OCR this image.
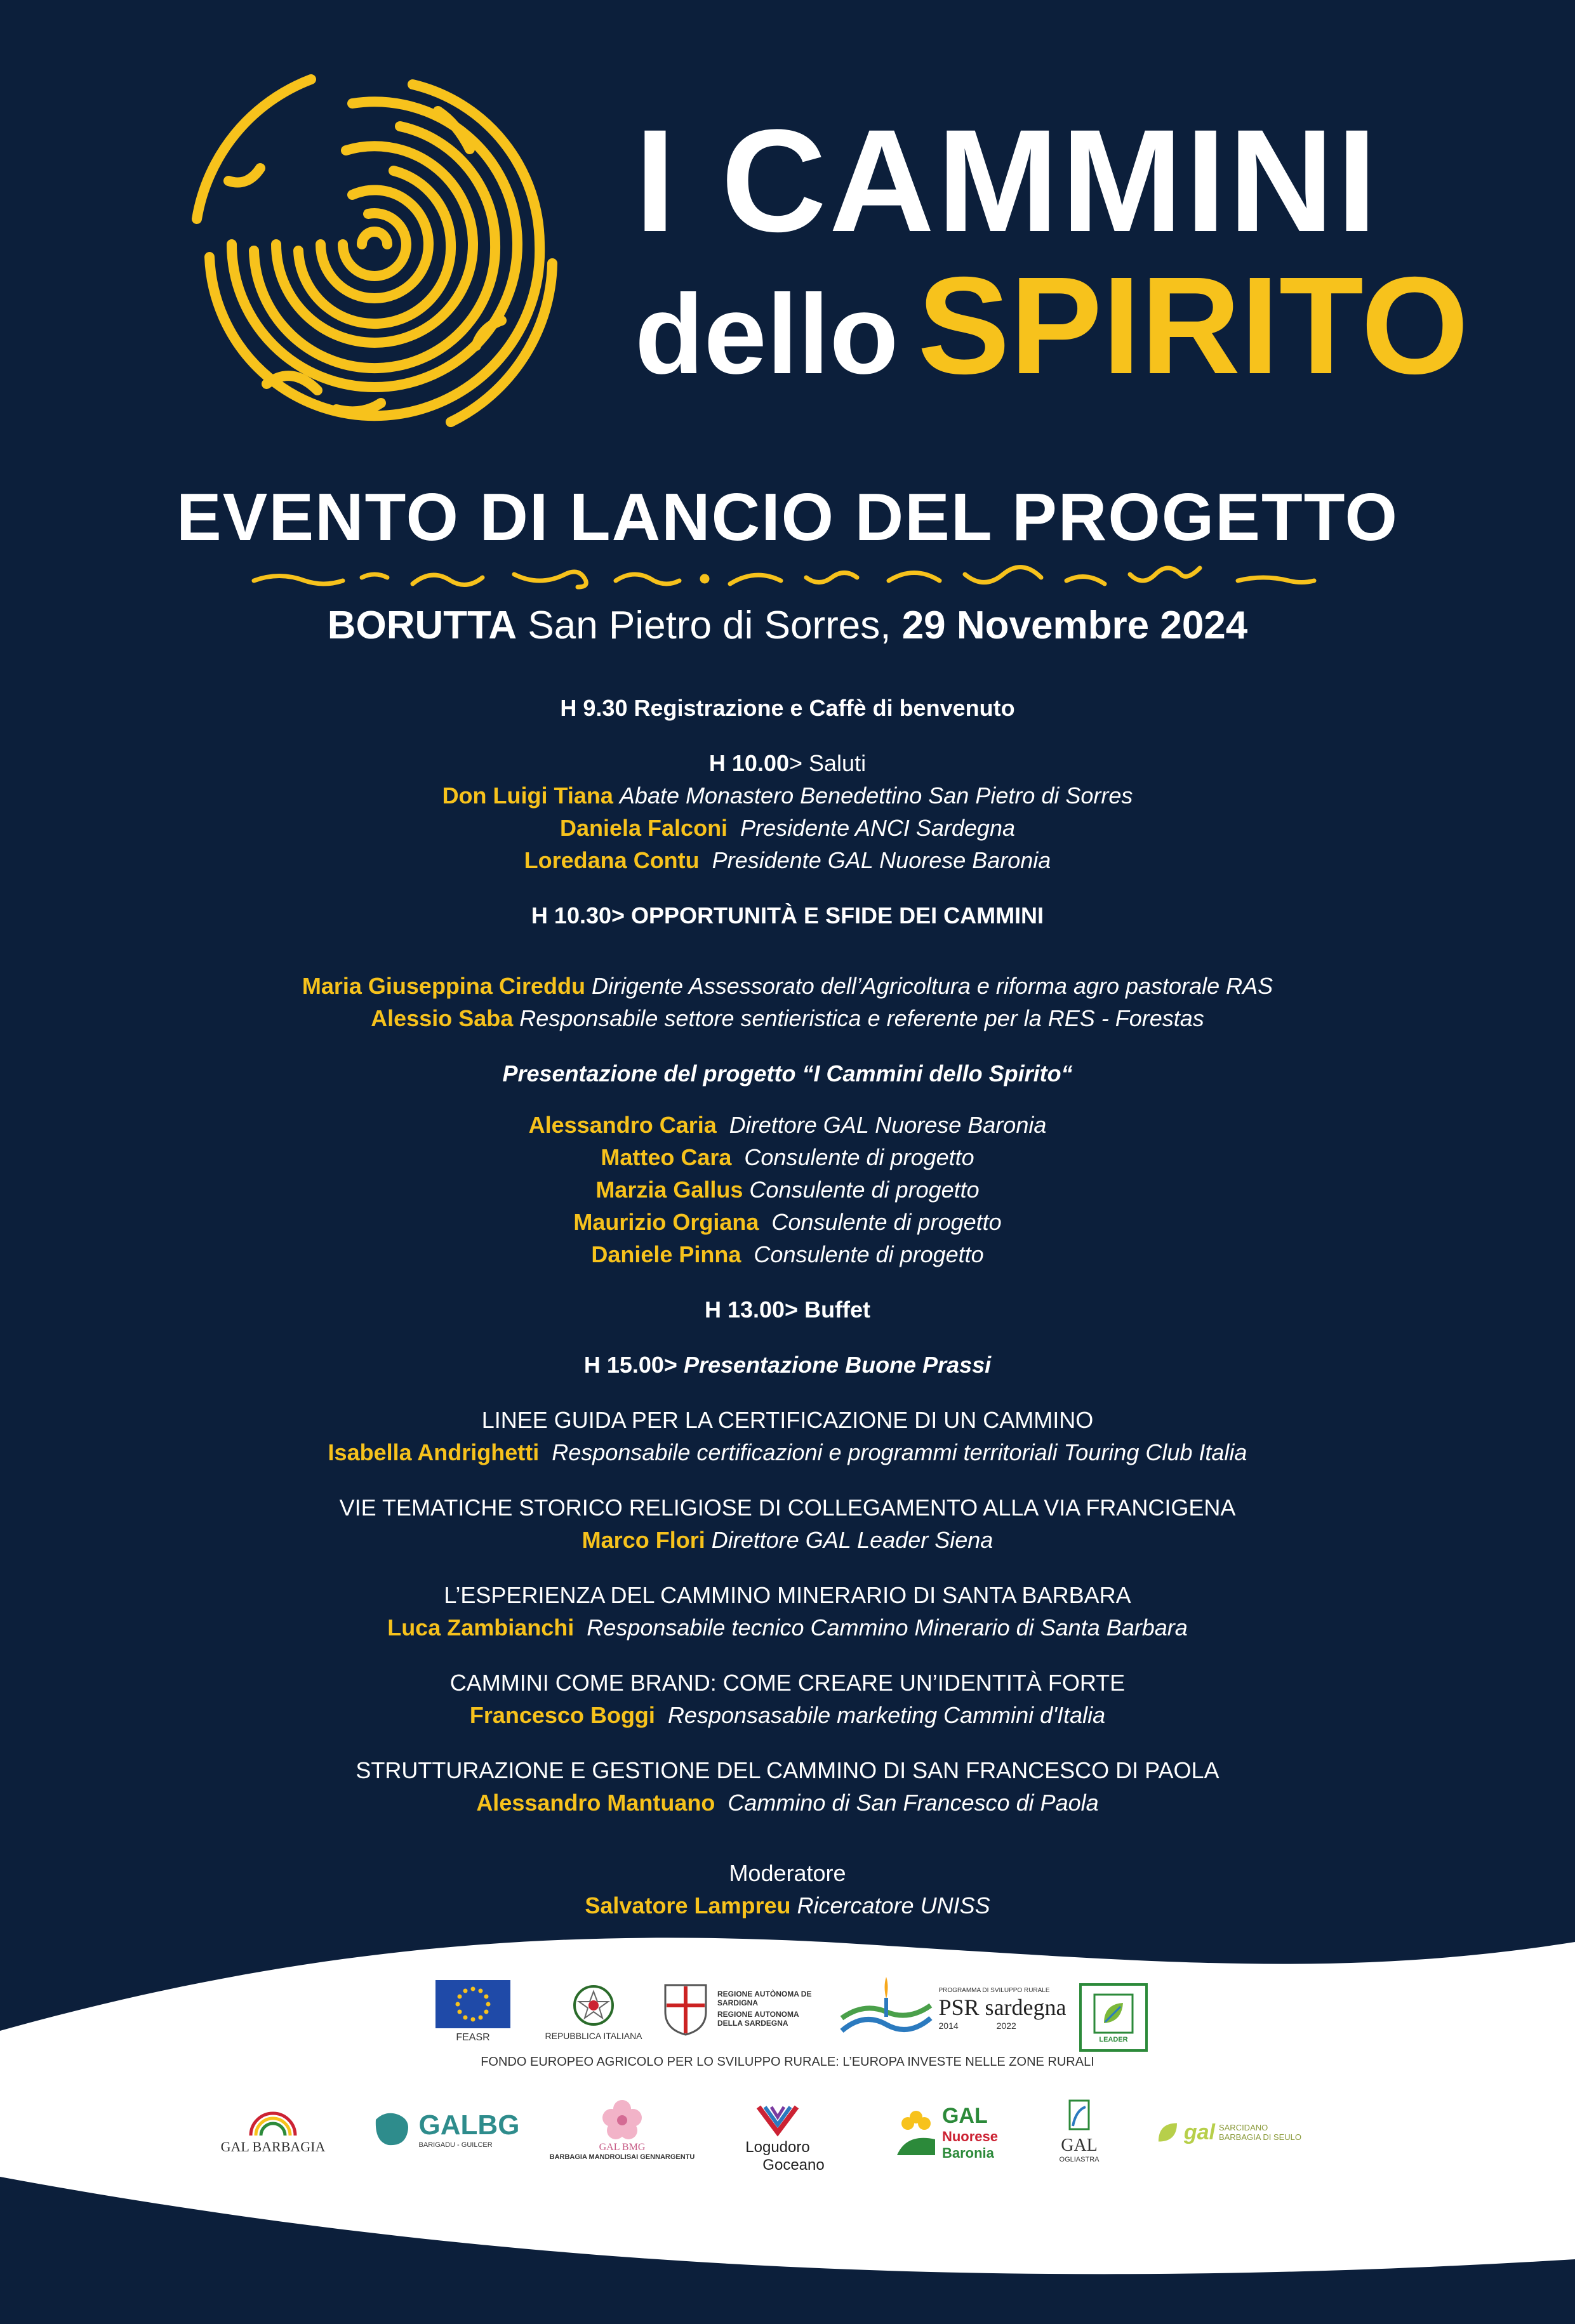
I CAMMINI
dello SPIRITO
EVENTO DI LANCIO DEL PROGETTO
BORUTTA San Pietro di Sorres, 29 Novembre 2024
H 9.30 Registrazione e Caffè di benvenuto
H 10.00> Saluti
Don Luigi Tiana Abate Monastero Benedettino San Pietro di Sorres
Daniela Falconi Presidente ANCI Sardegna
Loredana Contu Presidente GAL Nuorese Baronia
H 10.30> OPPORTUNITÀ E SFIDE DEI CAMMINI
Maria Giuseppina Cireddu Dirigente Assessorato dell’Agricoltura e riforma agro pastorale RAS
Alessio Saba Responsabile settore sentieristica e referente per la RES - Forestas
Presentazione del progetto “I Cammini dello Spirito“
Alessandro Caria Direttore GAL Nuorese Baronia
Matteo Cara Consulente di progetto
Marzia Gallus Consulente di progetto
Maurizio Orgiana Consulente di progetto
Daniele Pinna Consulente di progetto
H 13.00> Buffet
H 15.00> Presentazione Buone Prassi
LINEE GUIDA PER LA CERTIFICAZIONE DI UN CAMMINO
Isabella Andrighetti Responsabile certificazioni e programmi territoriali Touring Club Italia
VIE TEMATICHE STORICO RELIGIOSE DI COLLEGAMENTO ALLA VIA FRANCIGENA
Marco Flori Direttore GAL Leader Siena
L’ESPERIENZA DEL CAMMINO MINERARIO DI SANTA BARBARA
Luca Zambianchi Responsabile tecnico Cammino Minerario di Santa Barbara
CAMMINI COME BRAND: COME CREARE UN’IDENTITÀ FORTE
Francesco Boggi Responsasabile marketing Cammini d'Italia
STRUTTURAZIONE E GESTIONE DEL CAMMINO DI SAN FRANCESCO DI PAOLA
Alessandro Mantuano Cammino di San Francesco di Paola
Moderatore
Salvatore Lampreu Ricercatore UNISS
FEASR	REPUBBLICA ITALIANA
REGIONE AUTÒNOMA DE SARDIGNA
REGIONE AUTONOMA DELLA SARDEGNA
PROGRAMMA DI SVILUPPO RURALE
PSR sardegna
2014	2022
LEADER
FONDO EUROPEO AGRICOLO PER LO SVILUPPO RURALE: L’EUROPA INVESTE NELLE ZONE RURALI
GAL BARBAGIA
GALBG
BARIGADU - GUILCER	GAL BMG
BARBAGIA MANDROLISAI GENNARGENTU
Logudoro
Goceano
GAL
Nuorese
Baronia	GAL
OGLIASTRA
gal SARCIDANO
BARBAGIA DI SEULO
